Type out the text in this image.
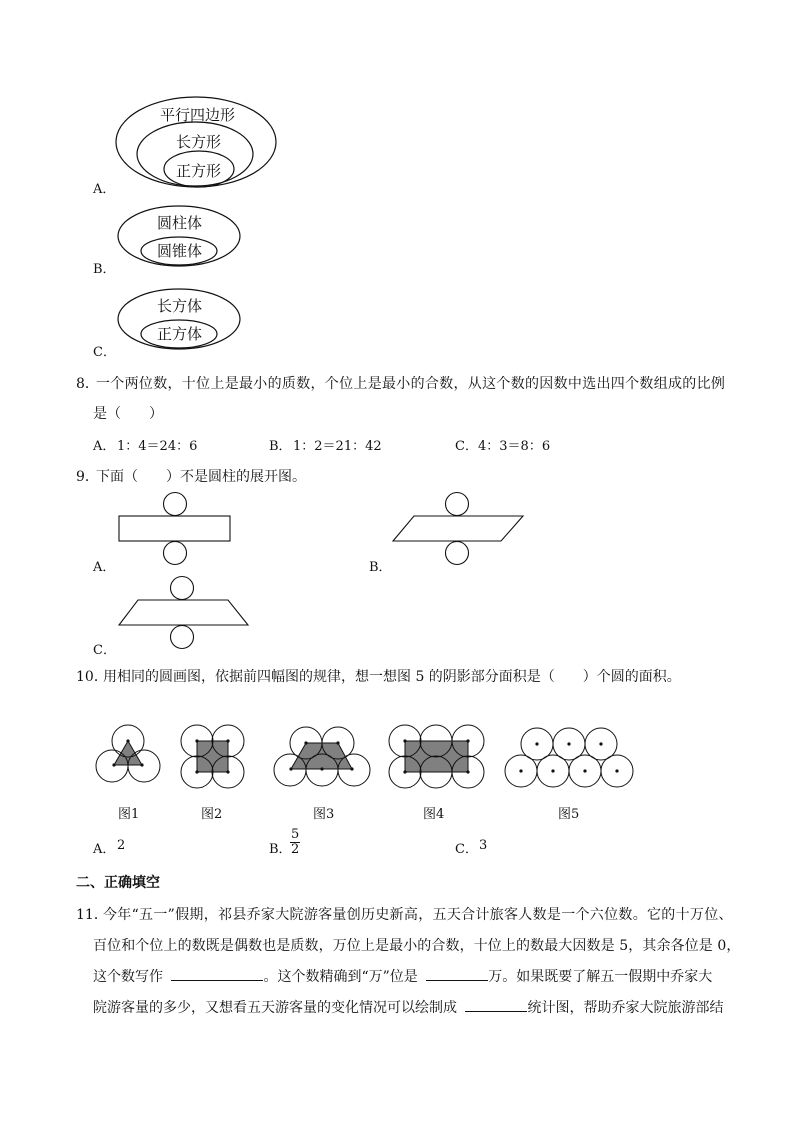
平行四边形
长方形
正方形
A．
圆柱体
圆锥体
B．
长方体
正方体
C．
8．
一个两位数，十位上是最小的质数，个位上是最小的合数，从这个数的因数中选出四个数组成的比例
是（　　）
A． 1：4＝24：6	B． 1：2＝21：42	C． 4：3＝8：6
9．
下面（　　）不是圆柱的展开图。
A．	B．
C．
10．
用相同的圆画图，依据前四幅图的规律，想一想图 5 的阴影部分面积是（　　）个圆的面积。
图1	图2	图3	图4	图5
A． 2	B．
$\frac{5}{2}$	C． 3
二、正确填空
11．
今年“五一”假期，祁县乔家大院游客量创历史新高，五天合计旅客人数是一个六位数。它的十万位、
百位和个位上的数既是偶数也是质数，万位上是最小的合数，十位上的数最大因数是 5，其余各位是 0，
这个数写作	。这个数精确到“万”位是	万。如果既要了解五一假期中乔家大
院游客量的多少，又想看五天游客量的变化情况可以绘制成	统计图，帮助乔家大院旅游部结
